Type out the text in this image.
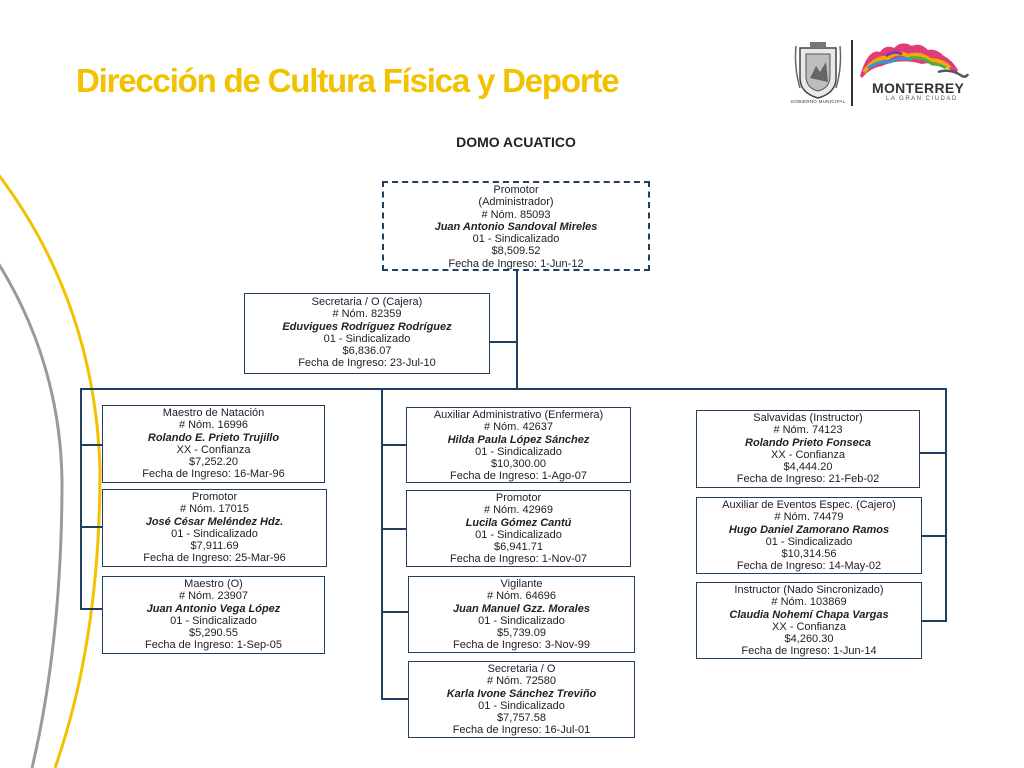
Dirección de Cultura Física y Deporte
GOBIERNO MUNICIPAL
MONTERREY
LA GRAN CIUDAD
DOMO ACUATICO
Promotor
(Administrador)
# Nóm. 85093
Juan Antonio Sandoval Mireles
01 - Sindicalizado
$8,509.52
Fecha de Ingreso: 1-Jun-12
Secretaria / O (Cajera)
# Nóm. 82359
Eduvigues Rodríguez Rodríguez
01 - Sindicalizado
$6,836.07
Fecha de Ingreso: 23-Jul-10
Maestro de Natación
# Nóm. 16996
Rolando E. Prieto Trujillo
XX - Confianza
$7,252.20
Fecha de Ingreso: 16-Mar-96
Promotor
# Nóm. 17015
José César Meléndez Hdz.
01 - Sindicalizado
$7,911.69
Fecha de Ingreso: 25-Mar-96
Maestro (O)
# Nóm. 23907
Juan Antonio Vega López
01 - Sindicalizado
$5,290.55
Fecha de Ingreso: 1-Sep-05
Auxiliar Administrativo (Enfermera)
# Nóm. 42637
Hilda Paula López Sánchez
01 - Sindicalizado
$10,300.00
Fecha de Ingreso: 1-Ago-07
Promotor
# Nóm. 42969
Lucila Gómez Cantú
01 - Sindicalizado
$6,941.71
Fecha de Ingreso: 1-Nov-07
Vigilante
# Nóm. 64696
Juan Manuel Gzz. Morales
01 - Sindicalizado
$5,739.09
Fecha de Ingreso: 3-Nov-99
Secretaria / O
# Nóm. 72580
Karla Ivone Sánchez Treviño
01 - Sindicalizado
$7,757.58
Fecha de Ingreso: 16-Jul-01
Salvavidas (Instructor)
# Nóm. 74123
Rolando Prieto Fonseca
XX - Confianza
$4,444.20
Fecha de Ingreso: 21-Feb-02
Auxiliar de Eventos Espec. (Cajero)
# Nóm. 74479
Hugo Daniel Zamorano Ramos
01 - Sindicalizado
$10,314.56
Fecha de Ingreso: 14-May-02
Instructor (Nado Sincronizado)
# Nóm. 103869
Claudia Nohemí Chapa Vargas
XX - Confianza
$4,260.30
Fecha de Ingreso: 1-Jun-14
